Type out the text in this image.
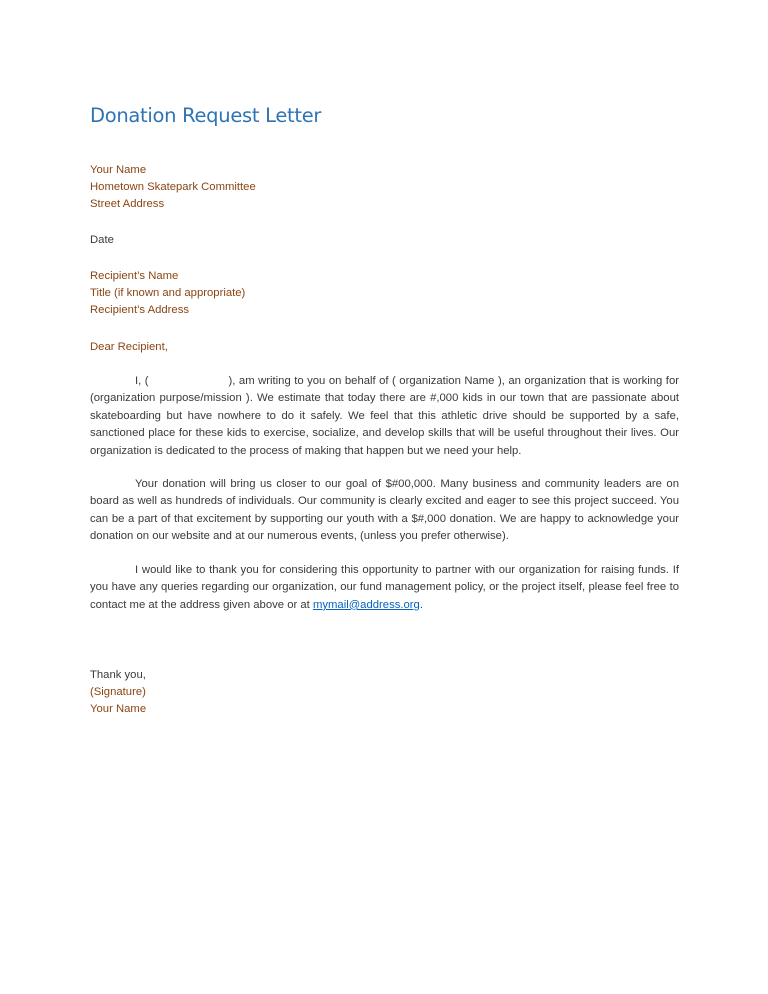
Donation Request Letter
Your Name
Hometown Skatepark Committee
Street Address
Date
Recipient’s Name
Title (if known and appropriate)
Recipient’s Address
Dear Recipient,

I, (	), am writing to you on behalf of ( organization Name ), an organization that is working for (organization purpose/mission ). We estimate that today there are #,000 kids in our town that are passionate about skateboarding but have nowhere to do it safely. We feel that this athletic drive should be supported by a safe, sanctioned place for these kids to exercise, socialize, and develop skills that will be useful throughout their lives. Our organization is dedicated to the process of making that happen but we need your help.

Your donation will bring us closer to our goal of $#00,000. Many business and community leaders are on board as well as hundreds of individuals. Our community is clearly excited and eager to see this project succeed. You can be a part of that excitement by supporting our youth with a $#,000 donation. We are happy to acknowledge your donation on our website and at our numerous events, (unless you prefer otherwise).

I would like to thank you for considering this opportunity to partner with our organization for raising funds. If you have any queries regarding our organization, our fund management policy, or the project itself, please feel free to contact me at the address given above or at mymail@address.org.

Thank you,
(Signature)
Your Name
